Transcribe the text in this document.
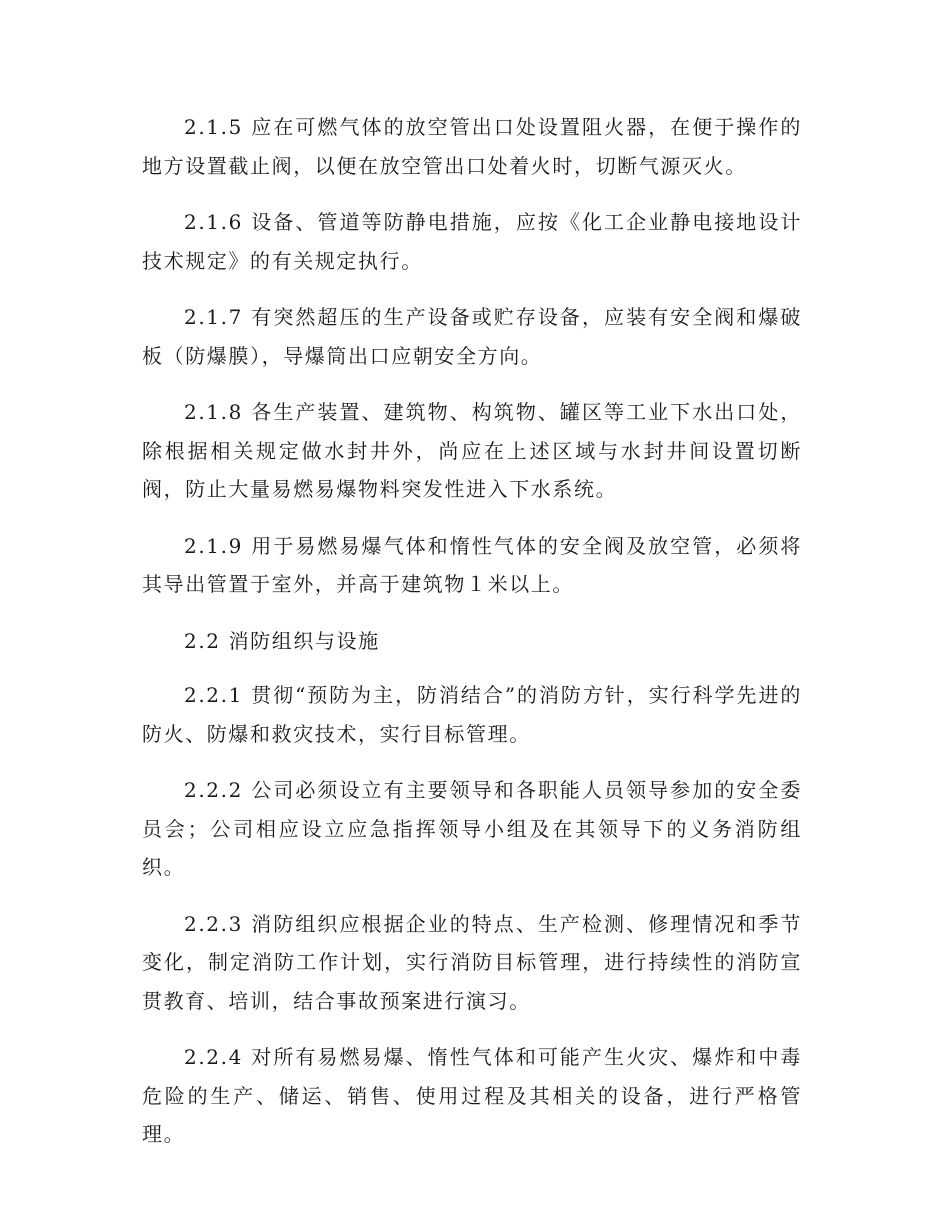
2.1.5 应在可燃气体的放空管出口处设置阻火器，在便于操作的地方设置截止阀，以便在放空管出口处着火时，切断气源灭火。

2.1.6 设备、管道等防静电措施，应按《化工企业静电接地设计技术规定》的有关规定执行。

2.1.7 有突然超压的生产设备或贮存设备，应装有安全阀和爆破板（防爆膜），导爆筒出口应朝安全方向。

2.1.8 各生产装置、建筑物、构筑物、罐区等工业下水出口处，除根据相关规定做水封井外，尚应在上述区域与水封井间设置切断阀，防止大量易燃易爆物料突发性进入下水系统。

2.1.9 用于易燃易爆气体和惰性气体的安全阀及放空管，必须将其导出管置于室外，并高于建筑物１米以上。

2.2 消防组织与设施

2.2.1 贯彻“预防为主，防消结合”的消防方针，实行科学先进的防火、防爆和救灾技术，实行目标管理。

2.2.2 公司必须设立有主要领导和各职能人员领导参加的安全委员会；公司相应设立应急指挥领导小组及在其领导下的义务消防组织。

2.2.3 消防组织应根据企业的特点、生产检测、修理情况和季节变化，制定消防工作计划，实行消防目标管理，进行持续性的消防宣贯教育、培训，结合事故预案进行演习。

2.2.4 对所有易燃易爆、惰性气体和可能产生火灾、爆炸和中毒危险的生产、储运、销售、使用过程及其相关的设备，进行严格管理。
